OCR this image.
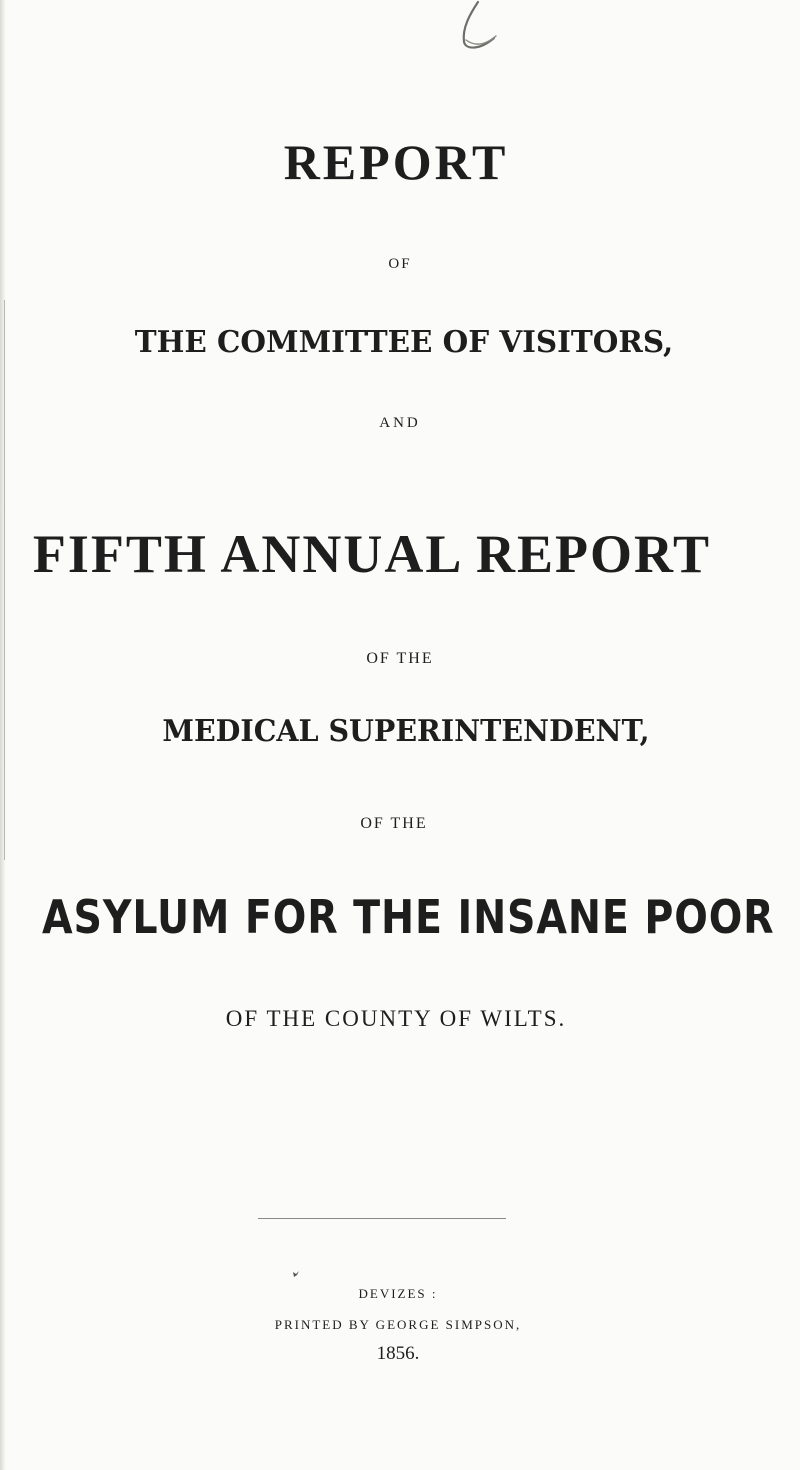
REPORT
OF
THE COMMITTEE OF VISITORS,
AND
FIFTH ANNUAL REPORT
OF THE
MEDICAL SUPERINTENDENT,
OF THE
ASYLUM FOR THE INSANE POOR
OF THE COUNTY OF WILTS.
DEVIZES :
PRINTED BY GEORGE SIMPSON,
1856.
